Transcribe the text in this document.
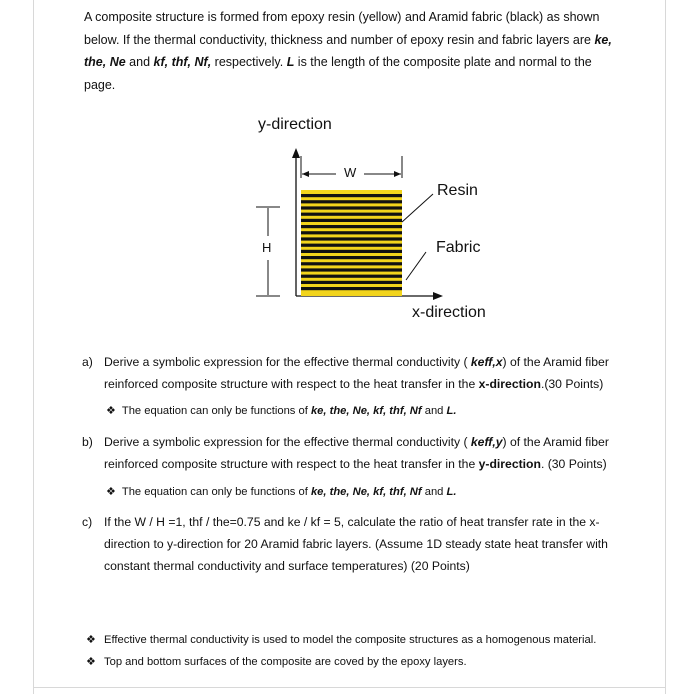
A composite structure is formed from epoxy resin (yellow) and Aramid fabric (black) as shown below. If the thermal conductivity, thickness and number of epoxy resin and fabric layers are ke, the, Ne and kf, thf, Nf, respectively. L is the length of the composite plate and normal to the page.

y-direction
W
H
Resin
Fabric
x-direction
a) Derive a symbolic expression for the effective thermal conductivity ( keff,x) of the Aramid fiber reinforced composite structure with respect to the heat transfer in the x-direction.(30 Points)
❖ The equation can only be functions of ke, the, Ne, kf, thf, Nf and L.
b) Derive a symbolic expression for the effective thermal conductivity ( keff,y) of the Aramid fiber reinforced composite structure with respect to the heat transfer in the y-direction. (30 Points)
❖ The equation can only be functions of ke, the, Ne, kf, thf, Nf and L.
c) If the W / H =1, thf / the=0.75 and ke / kf = 5, calculate the ratio of heat transfer rate in the x-direction to y-direction for 20 Aramid fabric layers. (Assume 1D steady state heat transfer with constant thermal conductivity and surface temperatures) (20 Points)
❖ Effective thermal conductivity is used to model the composite structures as a homogenous material.
❖ Top and bottom surfaces of the composite are coved by the epoxy layers.
